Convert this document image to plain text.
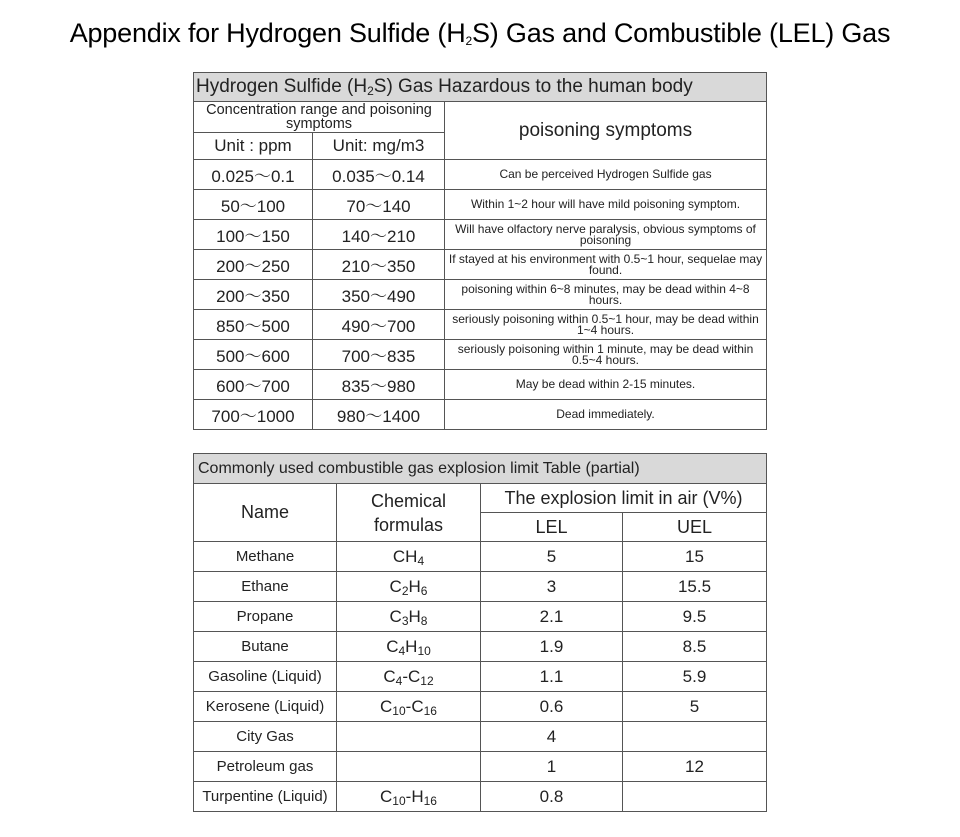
Appendix for Hydrogen Sulfide $(H_2S)$ Gas and Combustible (LEL) Gas
Hydrogen Sulfide $(H_2S)$ Gas Hazardous to the human body		
Concentration range and poisoning symptoms		poisoning symptoms
Unit : ppm	Unit: mg/m3	
0.025～0.1	0.035～0.14	Can be perceived Hydrogen Sulfide gas
50～100	70～140	Within 1~2 hour will have mild poisoning symptom.
100～150	140～210	Will have olfactory nerve paralysis, obvious symptoms of poisoning
200～250	210～350	If stayed at his environment with 0.5~1 hour, sequelae may found.
200～350	350～490	poisoning within 6~8 minutes, may be dead within 4~8 hours.
850～500	490～700	seriously poisoning within 0.5~1 hour, may be dead within 1~4 hours.
500～600	700～835	seriously poisoning within 1 minute, may be dead within 0.5~4 hours.
600～700	835～980	May be dead within 2-15 minutes.
700～1000	980～1400	Dead immediately.
Commonly used combustible gas explosion limit Table (partial)			
Name	Chemical formulas	The explosion limit in air (V%)	
		LEL	UEL
Methane	$CH_4$	5	15
Ethane	$C_2H_6$	3	15.5
Propane	$C_3H_8$	2.1	9.5
Butane	$C_4H_{10}$	1.9	8.5
Gasoline (Liquid)	$C_4-C_{12}$	1.1	5.9
Kerosene (Liquid)	$C_{10}-C_{16}$	0.6	5
City Gas		4	
Petroleum gas		1	12
Turpentine (Liquid)	$C_{10}-H_{16}$	0.8	
